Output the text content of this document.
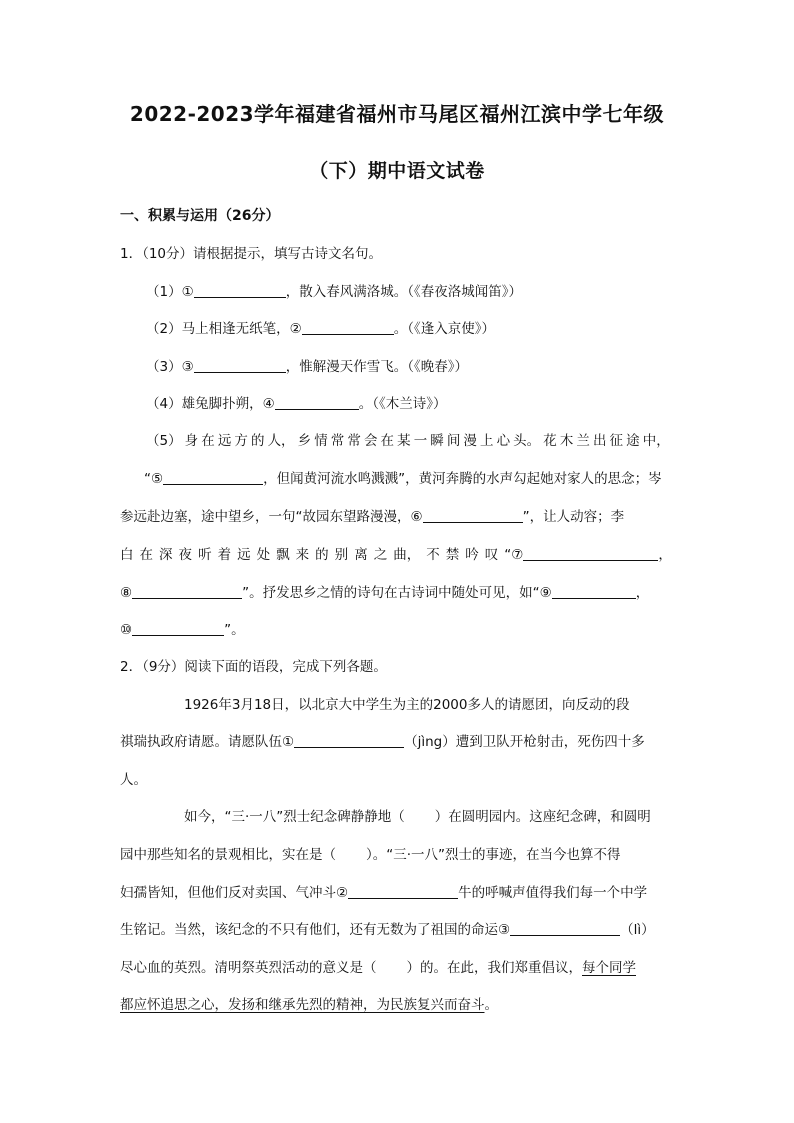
2022-2023学年福建省福州市马尾区福州江滨中学七年级
（下）期中语文试卷
一、积累与运用（26分）
1．（10分）请根据提示，填写古诗文名句。
（1）①	，散入春风满洛城。（《春夜洛城闻笛》）
（2）马上相逢无纸笔，②	。（《逢入京使》）
（3）③	，惟解漫天作雪飞。（《晚春》）
（4）雄兔脚扑朔，④	。（《木兰诗》）
（5） 身 在 远 方 的 人， 乡 情 常 常 会 在 某 一 瞬 间 漫 上 心 头。 花 木 兰 出 征 途 中，
“⑤	，但闻黄河流水鸣溅溅”，黄河奔腾的水声勾起她对家人的思念；岑
参远赴边塞，途中望乡，一句“故园东望路漫漫，⑥	”，让人动容；李
白 在 深 夜 听 着 远 处 飘 来 的 别 离 之 曲， 不 禁 吟 叹 “⑦	，
⑧	”。抒发思乡之情的诗句在古诗词中随处可见，如“⑨	，
⑩	”。
2．（9分）阅读下面的语段，完成下列各题。
1926年3月18日，以北京大中学生为主的2000多人的请愿团，向反动的段
祺瑞执政府请愿。请愿队伍①	（jìng）遭到卫队开枪射击，死伤四十多
人。
如今，“三·一八”烈士纪念碑静静地（ ）在圆明园内。这座纪念碑，和圆明
园中那些知名的景观相比，实在是（ ）。“三·一八”烈士的事迹，在当今也算不得
妇孺皆知，但他们反对卖国、气冲斗②	牛的呼喊声值得我们每一个中学
生铭记。当然，该纪念的不只有他们，还有无数为了祖国的命运③	（lì）
尽心血的英烈。清明祭英烈活动的意义是（ ）的。在此，我们郑重倡议，每个同学
都应怀追思之心，发扬和继承先烈的精神，为民族复兴而奋斗。
